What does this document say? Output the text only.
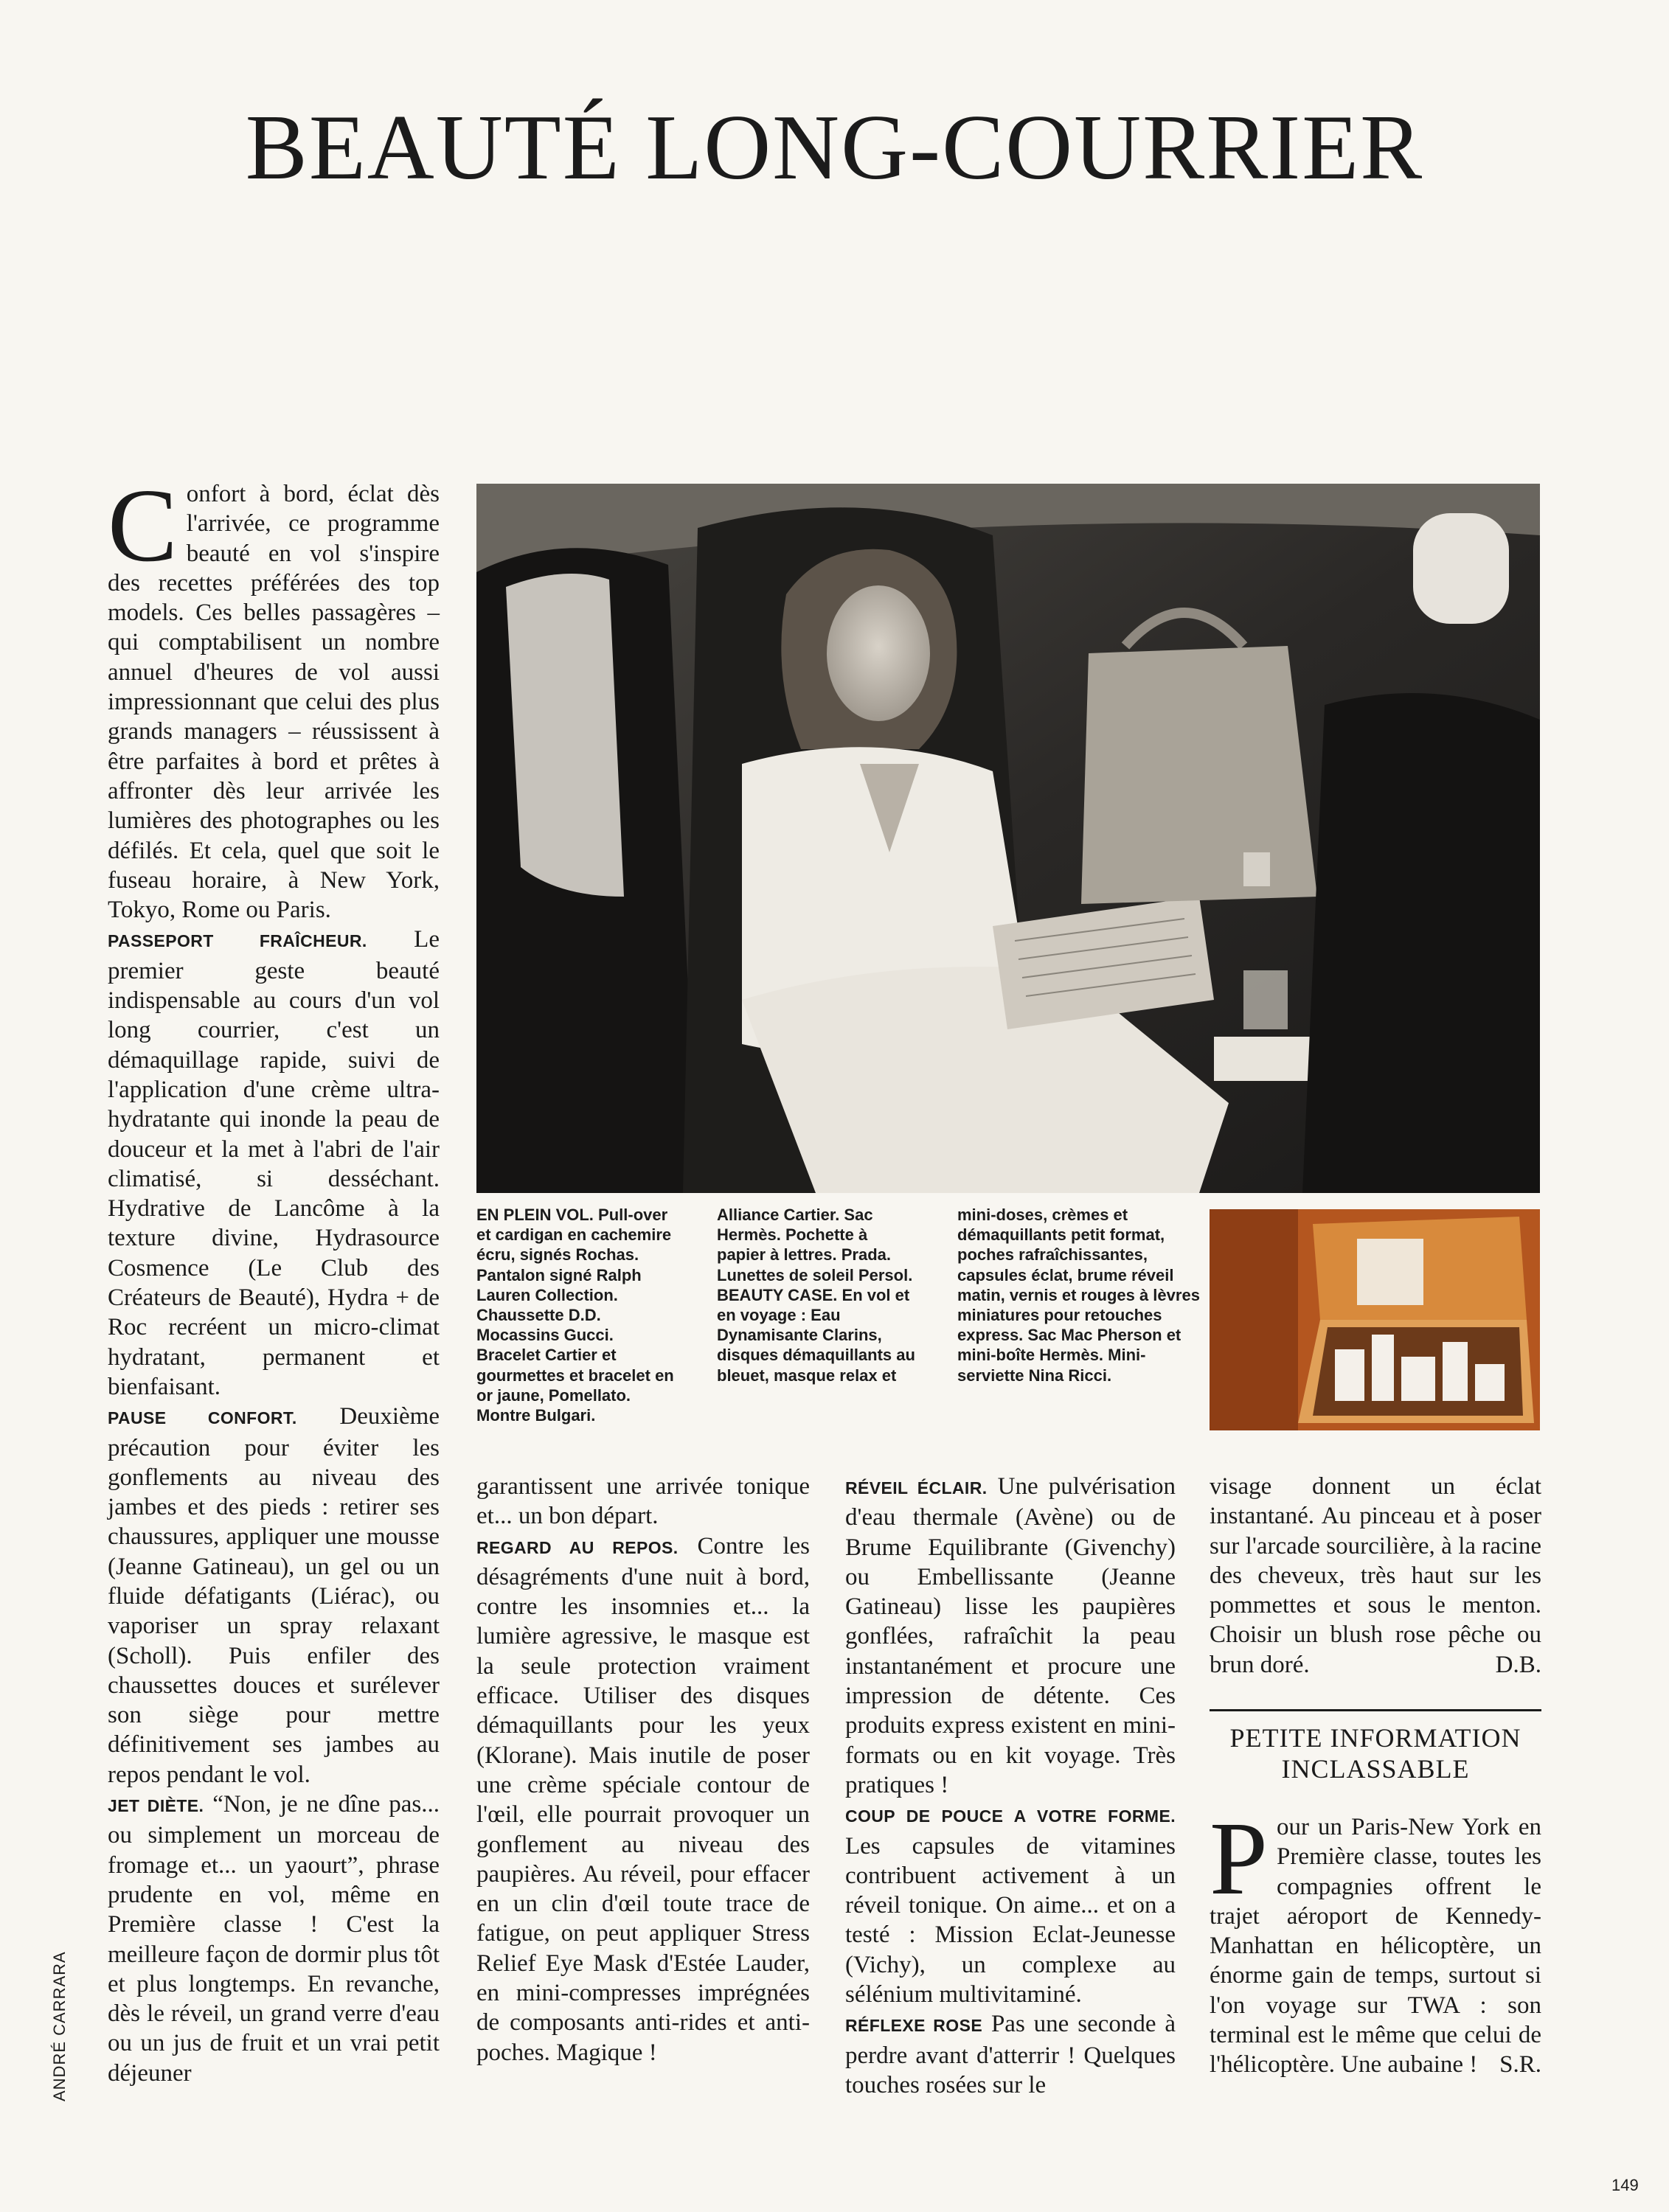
BEAUTÉ LONG-COURRIER

Confort à bord, éclat dès l'arrivée, ce programme beauté en vol s'inspire des recettes préférées des top models. Ces belles passagères – qui comptabilisent un nombre annuel d'heures de vol aussi impressionnant que celui des plus grands managers – réussissent à être parfaites à bord et prêtes à affronter dès leur arrivée les lumières des photographes ou les défilés. Et cela, quel que soit le fuseau horaire, à New York, Tokyo, Rome ou Paris.

PASSEPORT FRAÎCHEUR. Le premier geste beauté indispensable au cours d'un vol long courrier, c'est un démaquillage rapide, suivi de l'application d'une crème ultra-hydratante qui inonde la peau de douceur et la met à l'abri de l'air climatisé, si desséchant. Hydrative de Lancôme à la texture divine, Hydrasource Cosmence (Le Club des Créateurs de Beauté), Hydra + de Roc recréent un micro-climat hydratant, permanent et bienfaisant.

PAUSE CONFORT. Deuxième précaution pour éviter les gonflements au niveau des jambes et des pieds : retirer ses chaussures, appliquer une mousse (Jeanne Gatineau), un gel ou un fluide défatigants (Liérac), ou vaporiser un spray relaxant (Scholl). Puis enfiler des chaussettes douces et surélever son siège pour mettre définitivement ses jambes au repos pendant le vol.

JET DIÈTE. “Non, je ne dîne pas... ou simplement un morceau de fromage et... un yaourt”, phrase prudente en vol, même en Première classe ! C'est la meilleure façon de dormir plus tôt et plus longtemps. En revanche, dès le réveil, un grand verre d'eau ou un jus de fruit et un vrai petit déjeuner

EN PLEIN VOL. Pull-over et cardigan en cachemire écru, signés Rochas. Pantalon signé Ralph Lauren Collection. Chaussette D.D. Mocassins Gucci. Bracelet Cartier et gourmettes et bracelet en or jaune, Pomellato. Montre Bulgari.
Alliance Cartier. Sac Hermès. Pochette à papier à lettres. Prada. Lunettes de soleil Persol. BEAUTY CASE. En vol et en voyage : Eau Dynamisante Clarins, disques démaquillants au bleuet, masque relax et
mini-doses, crèmes et démaquillants petit format, poches rafraîchissantes, capsules éclat, brume réveil matin, vernis et rouges à lèvres miniatures pour retouches express. Sac Mac Pherson et mini-boîte Hermès. Mini-serviette Nina Ricci.

garantissent une arrivée tonique et... un bon départ.

REGARD AU REPOS. Contre les désagréments d'une nuit à bord, contre les insomnies et... la lumière agressive, le masque est la seule protection vraiment efficace. Utiliser des disques démaquillants pour les yeux (Klorane). Mais inutile de poser une crème spéciale contour de l'œil, elle pourrait provoquer un gonflement au niveau des paupières. Au réveil, pour effacer en un clin d'œil toute trace de fatigue, on peut appliquer Stress Relief Eye Mask d'Estée Lauder, en mini-compresses imprégnées de composants anti-rides et anti-poches. Magique !

RÉVEIL ÉCLAIR. Une pulvérisation d'eau thermale (Avène) ou de Brume Equilibrante (Givenchy) ou Embellissante (Jeanne Gatineau) lisse les paupières gonflées, rafraîchit la peau instantanément et procure une impression de détente. Ces produits express existent en mini-formats ou en kit voyage. Très pratiques !

COUP DE POUCE A VOTRE FORME. Les capsules de vitamines contribuent activement à un réveil tonique. On aime... et on a testé : Mission Eclat-Jeunesse (Vichy), un complexe au sélénium multivitaminé.

RÉFLEXE ROSE Pas une seconde à perdre avant d'atterrir ! Quelques touches rosées sur le

visage donnent un éclat instantané. Au pinceau et à poser sur l'arcade sourcilière, à la racine des cheveux, très haut sur les pommettes et sous le menton. Choisir un blush rose pêche ou brun doré.	D.B.

PETITE INFORMATION
INCLASSABLE

Pour un Paris-New York en Première classe, toutes les compagnies offrent le trajet aéroport de Kennedy-Manhattan en hélicoptère, un énorme gain de temps, surtout si l'on voyage sur TWA : son terminal est le même que celui de l'hélicoptère. Une aubaine ! S.R.

ANDRÉ CARRARA
149
